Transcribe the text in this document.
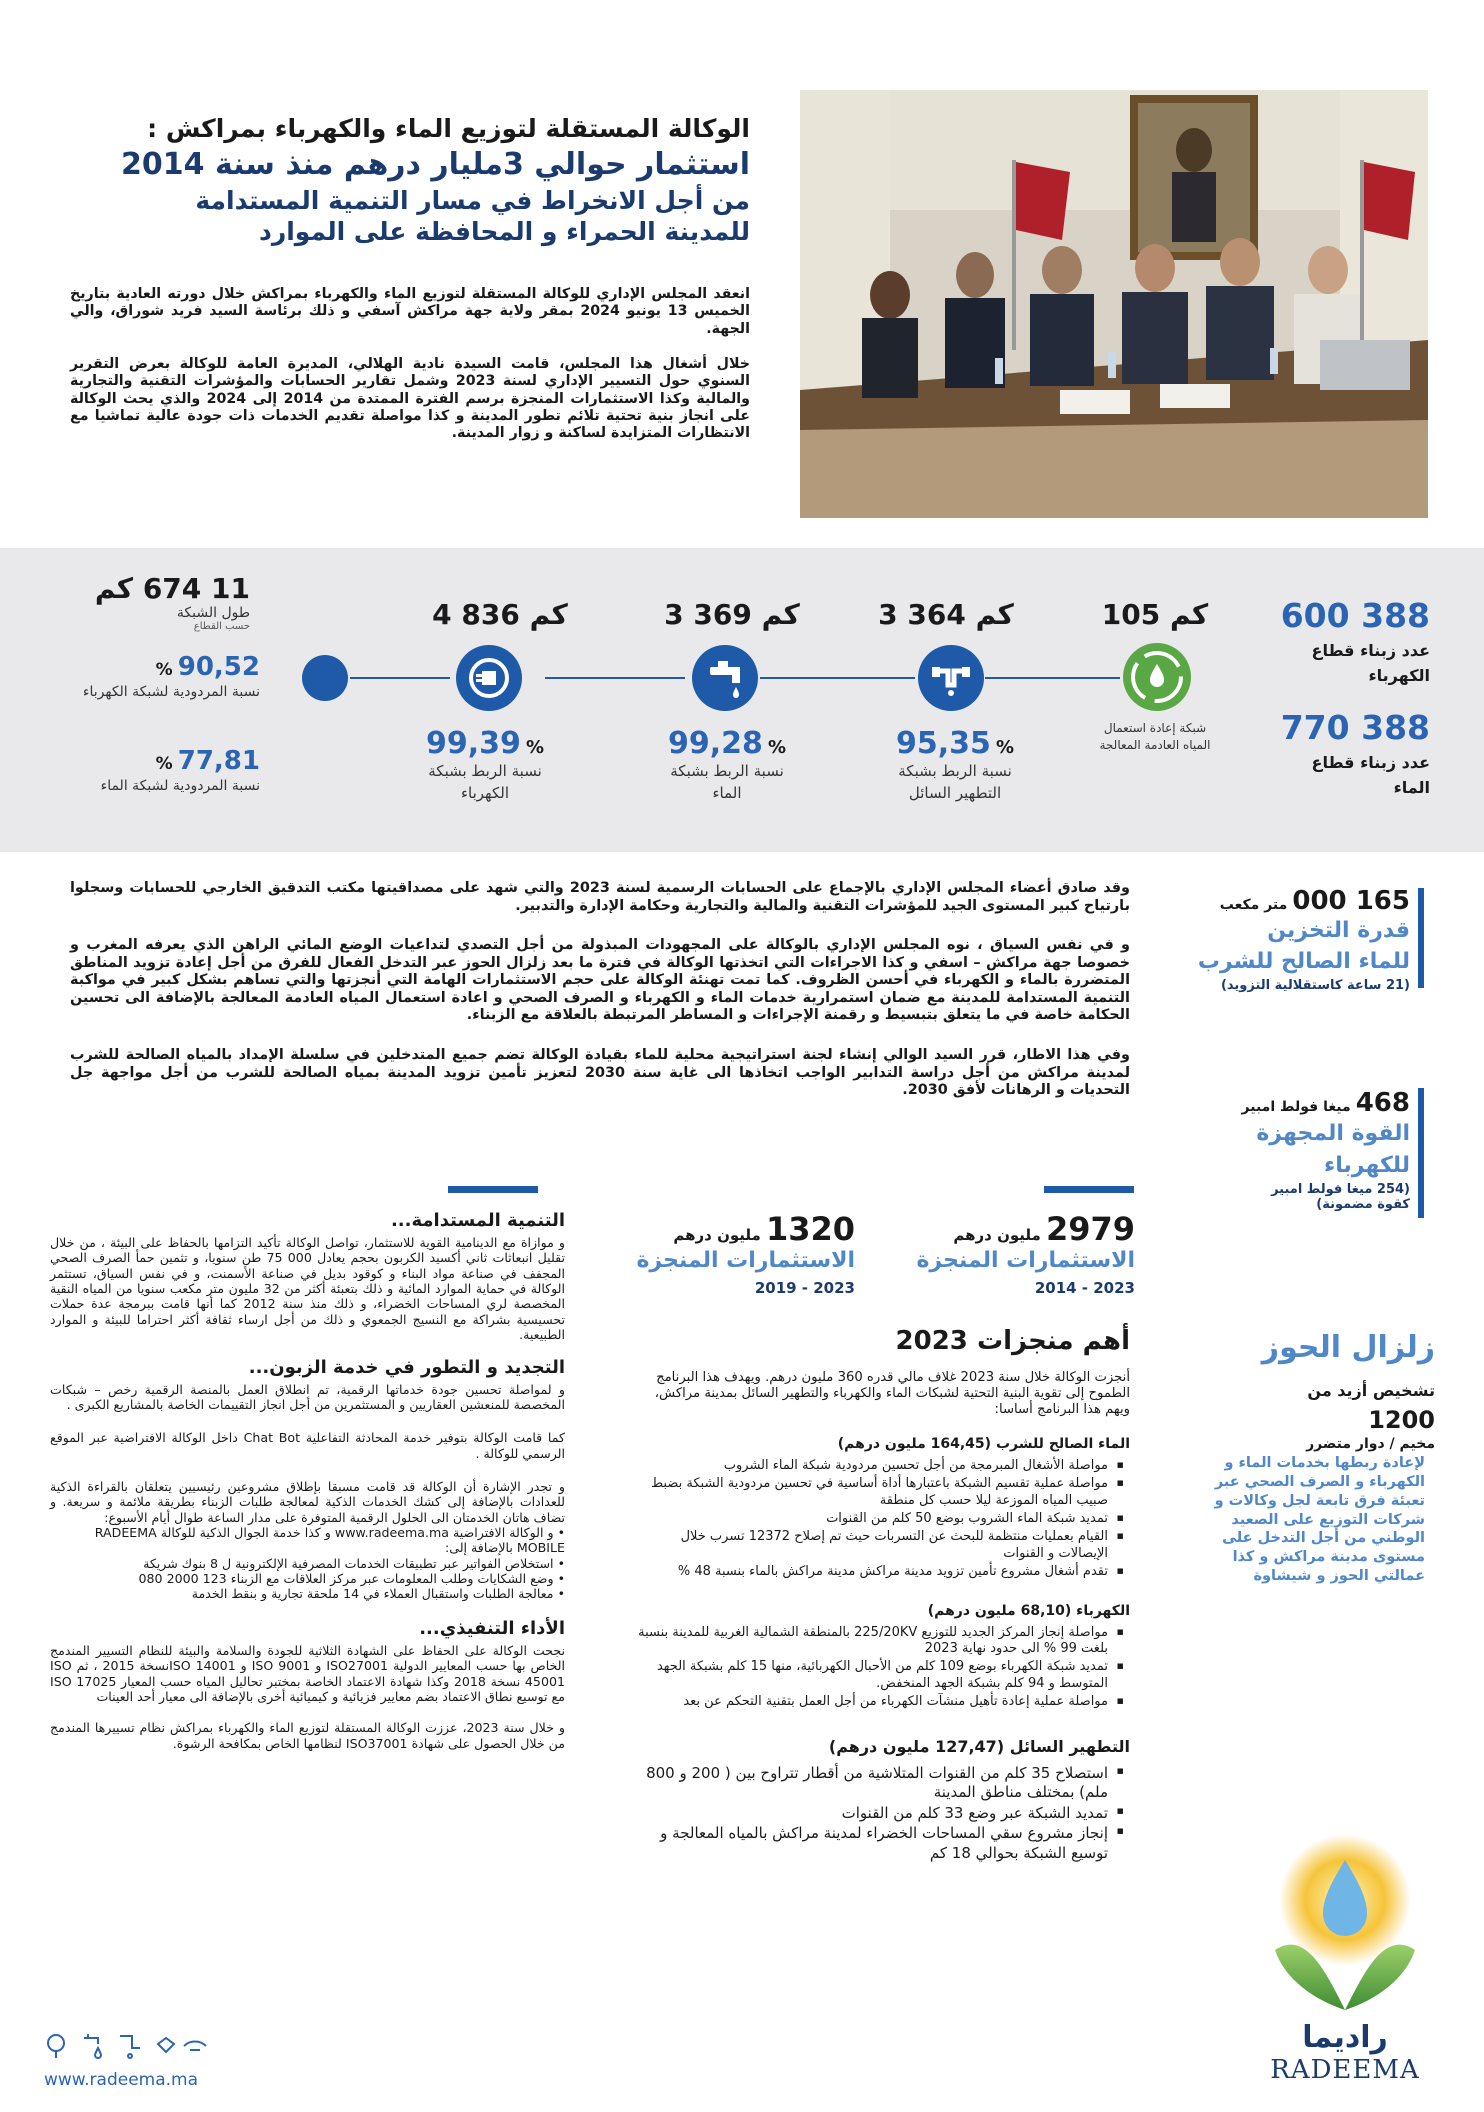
الوكالة المستقلة لتوزيع الماء والكهرباء بمراكش :
استثمار حوالي 3مليار درهم منذ سنة 2014
من أجل الانخراط في مسار التنمية المستدامة
للمدينة الحمراء و المحافظة على الموارد

انعقد المجلس الإداري للوكالة المستقلة لتوزيع الماء والكهرباء بمراكش خلال دورته العادية بتاريخ الخميس 13 يونيو 2024 بمقر ولاية جهة مراكش آسفي و ذلك برئاسة السيد فريد شوراق، والي الجهة.

خلال أشغال هذا المجلس، قامت السيدة نادية الهلالي، المديرة العامة للوكالة بعرض التقرير السنوي حول التسيير الإداري لسنة 2023 وشمل تقارير الحسابات والمؤشرات التقنية والتجارية والمالية وكذا الاستثمارات المنجزة برسم الفترة الممتدة من 2014 إلى 2024 والذي يحث الوكالة على انجاز بنية تحتية تلائم تطور المدينة و كذا مواصلة تقديم الخدمات ذات جودة عالية تماشيا مع الانتظارات المتزايدة لساكنة و زوار المدينة.

388 600
عدد زبناء قطاع الكهرباء
388 770
عدد زبناء قطاع الماء
105 كم
3 364 كم
3 369 كم
4 836 كم
شبكة إعادة استعمال
المياه العادمة المعالجة
95,35 %
نسبة الربط بشبكة
التطهير السائل
99,28 %
نسبة الربط بشبكة
الماء
99,39 %
نسبة الربط بشبكة
الكهرباء
11 674 كم
طول الشبكة
حسب القطاع
90,52 %
نسبة المردودية لشبكة الكهرباء
77,81 %
نسبة المردودية لشبكة الماء
165 000 متر مكعب
قدرة التخزين
للماء الصالح للشرب
(21 ساعة كاستقلالية التزويد)
468 ميغا فولط امبير
القوة المجهزة
للكهرباء
(254 ميغا فولط امبير
كقوة مضمونة)

وقد صادق أعضاء المجلس الإداري بالإجماع على الحسابات الرسمية لسنة 2023 والتي شهد على مصداقيتها مكتب التدقيق الخارجي للحسابات وسجلوا بارتياح كبير المستوى الجيد للمؤشرات التقنية والمالية والتجارية وحكامة الإدارة والتدبير.

و في نفس السياق ، نوه المجلس الإداري بالوكالة على المجهودات المبذولة من أجل التصدي لتداعيات الوضع المائي الراهن الذي يعرفه المغرب و خصوصا جهة مراكش – اسفي و كذا الاجراءات التي اتخذتها الوكالة في فترة ما بعد زلزال الحوز عبر التدخل الفعال للفرق من أجل إعادة تزويد المناطق المتضررة بالماء و الكهرباء في أحسن الظروف. كما تمت تهنئة الوكالة على حجم الاستثمارات الهامة التي أنجزتها والتي تساهم بشكل كبير في مواكبة التنمية المستدامة للمدينة مع ضمان استمرارية خدمات الماء و الكهرباء و الصرف الصحي و اعادة استعمال المياه العادمة المعالجة بالإضافة الى تحسين الحكامة خاصة في ما يتعلق بتبسيط و رقمنة الإجراءات و المساطر المرتبطة بالعلاقة مع الزبناء.

وفي هذا الاطار، قرر السيد الوالي إنشاء لجنة استراتيجية محلية للماء بقيادة الوكالة تضم جميع المتدخلين في سلسلة الإمداد بالمياه الصالحة للشرب لمدينة مراكش من أجل دراسة التدابير الواجب اتخاذها الى غاية سنة 2030 لتعزيز تأمين تزويد المدينة بمياه الصالحة للشرب من أجل مواجهة جل التحديات و الرهانات لأفق 2030.

2979 مليون درهم
الاستثمارات المنجزة
2023 - 2014
1320 مليون درهم
الاستثمارات المنجزة
2023 - 2019
زلزال الحوز
تشخيص أزيد من
1200
مخيم / دوار متضرر
لإعادة ربطها بخدمات الماء و الكهرباء و الصرف الصحي عبر تعبئة فرق تابعة لجل وكالات و شركات التوزيع على الصعيد الوطني من أجل التدخل على مستوى مدينة مراكش و كذا عمالتي الحوز و شيشاوة
أهم منجزات 2023

أنجزت الوكالة خلال سنة 2023 غلاف مالي قدره 360 مليون درهم. ويهدف هذا البرنامج الطموح إلى تقوية البنية التحتية لشبكات الماء والكهرباء والتطهير السائل بمدينة مراكش، ويهم هذا البرنامج أساسا:

الماء الصالح للشرب (164,45 مليون درهم)
▪ مواصلة الأشغال المبرمجة من أجل تحسين مردودية شبكة الماء الشروب
▪ مواصلة عملية تقسيم الشبكة باعتبارها أداة أساسية في تحسين مردودية الشبكة بضبط صبيب المياه الموزعة ليلا حسب كل منطقة
▪ تمديد شبكة الماء الشروب بوضع 50 كلم من القنوات
▪ القيام بعمليات منتظمة للبحث عن التسربات حيث تم إصلاح 12372 تسرب خلال الإيصالات و القنوات
▪ تقدم أشغال مشروع تأمين تزويد مدينة مراكش مدينة مراكش بالماء بنسبة 48 %
الكهرباء (68,10 مليون درهم)
▪ مواصلة إنجاز المركز الجديد للتوزيع 225/20KV بالمنطقة الشمالية الغربية للمدينة بنسبة بلغت 99 % الى حدود نهاية 2023
▪ تمديد شبكة الكهرباء بوضع 109 كلم من الأحبال الكهربائية، منها 15 كلم بشبكة الجهد المتوسط و 94 كلم بشبكة الجهد المنخفض.
▪ مواصلة عملية إعادة تأهيل منشآت الكهرباء من أجل العمل بتقنية التحكم عن بعد
التطهير السائل (127,47 مليون درهم)
▪ استصلاح 35 كلم من القنوات المتلاشية من أقطار تتراوح بين ( 200 و 800 ملم) بمختلف مناطق المدينة
▪ تمديد الشبكة عبر وضع 33 كلم من القنوات
▪ إنجاز مشروع سقي المساحات الخضراء لمدينة مراكش بالمياه المعالجة و توسيع الشبكة بحوالي 18 كم
التنمية المستدامة...

و موازاة مع الدينامية القوية للاستثمار، تواصل الوكالة تأكيد التزامها بالحفاظ على البيئة ، من خلال تقليل انبعاثات ثاني أكسيد الكربون بحجم يعادل 000 75 طن سنويا، و تثمين حمأ الصرف الصحي المجفف في صناعة مواد البناء و كوقود بديل في صناعة الأسمنت، و في نفس السياق، تستثمر الوكالة في حماية الموارد المائية و ذلك بتعبئة أكثر من 32 مليون متر مكعب سنويا من المياه النقية المخصصة لري المساحات الخضراء، و ذلك منذ سنة 2012 كما أنها قامت ببرمجة عدة حملات تحسيسية بشراكة مع النسيج الجمعوي و ذلك من أجل ارساء ثقافة أكثر احتراما للبيئة و الموارد الطبيعية.

التجديد و التطور في خدمة الزبون...

و لمواصلة تحسين جودة خدماتها الرقمية، تم انطلاق العمل بالمنصة الرقمية رخص – شبكات المخصصة للمنعشين العقاريين و المستثمرين من أجل انجاز التقييمات الخاصة بالمشاريع الكبرى .

كما قامت الوكالة بتوفير خدمة المحادثة التفاعلية Chat Bot داخل الوكالة الافتراضية عبر الموقع الرسمي للوكالة .

و تجدر الإشارة أن الوكالة قد قامت مسبقا بإطلاق مشروعين رئيسيين يتعلقان بالقراءة الذكية للعدادات بالإضافة إلى كشك الخدمات الذكية لمعالجة طلبات الزبناء بطريقة ملائمة و سريعة. و تضاف هاتان الخدمتان الى الحلول الرقمية المتوفرة على مدار الساعة طوال أيام الأسبوع:

• و الوكالة الافتراضية www.radeema.ma و كذا خدمة الجوال الذكية للوكالة RADEEMA MOBILE بالإضافة إلى:
• استخلاص الفواتير عبر تطبيقات الخدمات المصرفية الإلكترونية ل 8 بنوك شريكة
• وضع الشكايات وطلب المعلومات عبر مركز العلاقات مع الزبناء 123 2000 080
• معالجة الطلبات واستقبال العملاء في 14 ملحقة تجارية و بنقط الخدمة
الأداء التنفيذي...

نجحت الوكالة على الحفاظ على الشهادة الثلاثية للجودة والسلامة والبيئة للنظام التسيير المندمج الخاص بها حسب المعايير الدولية ISO27001 و ISO 9001 و ISO 14001نسخة 2015 ، ثم ISO 45001 نسخة 2018 وكذا شهادة الاعتماد الخاصة بمختبر تحاليل المياه حسب المعيار ISO 17025 مع توسيع نطاق الاعتماد بضم معايير فزيائية و كيميائية أخرى بالإضافة الى معيار أحد العينات

و خلال سنة 2023، عززت الوكالة المستقلة لتوزيع الماء والكهرباء بمراكش نظام تسييرها المندمج من خلال الحصول على شهادة ISO37001 لنظامها الخاص بمكافحة الرشوة.

www.radeema.ma
راديما
RADEEMA
